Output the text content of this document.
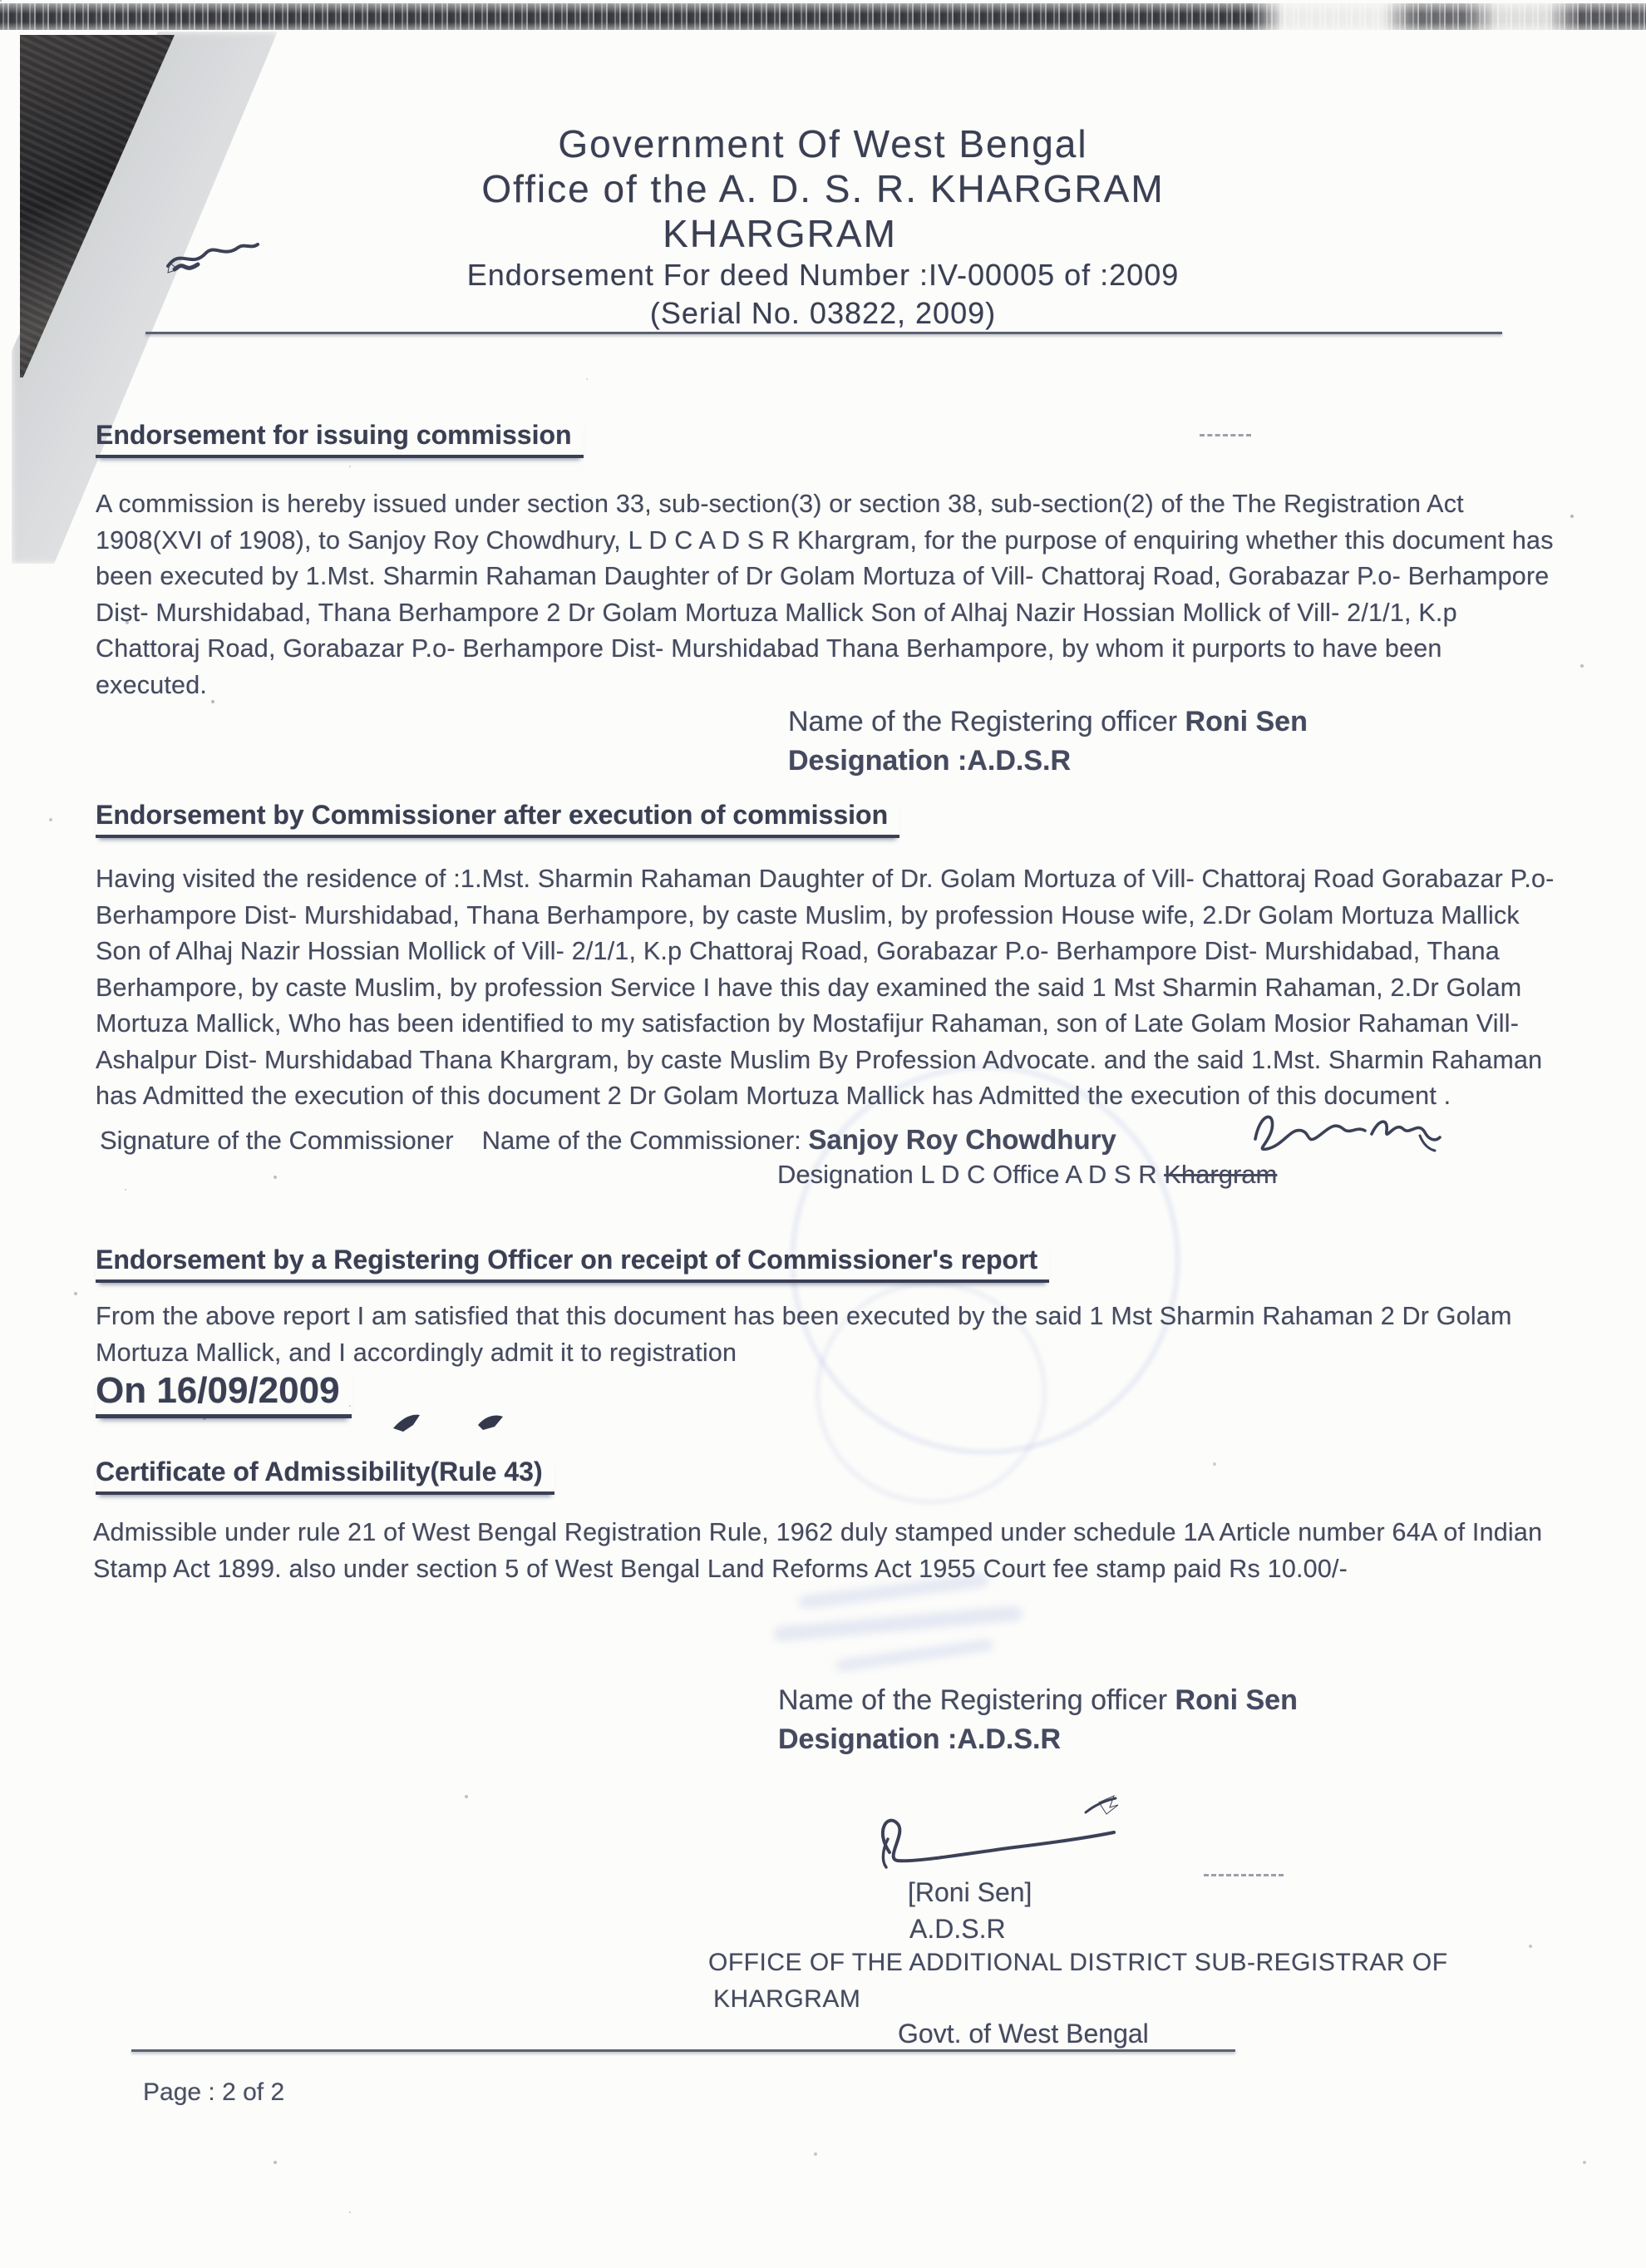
Government Of West Bengal
Office of the A. D. S. R. KHARGRAM
KHARGRAM
Endorsement For deed Number :IV-00005 of :2009
(Serial No. 03822, 2009)
Endorsement for issuing commission

A commission is hereby issued under section 33, sub-section(3) or section 38, sub-section(2) of the The Registration Act 1908(XVI of 1908), to Sanjoy Roy Chowdhury, L D C A D S R Khargram, for the purpose of enquiring whether this document has been executed by 1.Mst. Sharmin Rahaman Daughter of Dr Golam Mortuza of Vill- Chattoraj Road, Gorabazar P.o- Berhampore Dist- Murshidabad, Thana Berhampore 2 Dr Golam Mortuza Mallick Son of Alhaj Nazir Hossian Mollick of Vill- 2/1/1, K.p Chattoraj Road, Gorabazar P.o- Berhampore Dist- Murshidabad Thana Berhampore, by whom it purports to have been executed.

Name of the Registering officer Roni Sen
Designation :A.D.S.R
Endorsement by Commissioner after execution of commission

Having visited the residence of :1.Mst. Sharmin Rahaman Daughter of Dr. Golam Mortuza of Vill- Chattoraj Road Gorabazar P.o- Berhampore Dist- Murshidabad, Thana Berhampore, by caste Muslim, by profession House wife, 2.Dr Golam Mortuza Mallick Son of Alhaj Nazir Hossian Mollick of Vill- 2/1/1, K.p Chattoraj Road, Gorabazar P.o- Berhampore Dist- Murshidabad, Thana Berhampore, by caste Muslim, by profession Service I have this day examined the said 1 Mst Sharmin Rahaman, 2.Dr Golam Mortuza Mallick, Who has been identified to my satisfaction by Mostafijur Rahaman, son of Late Golam Mosior Rahaman Vill- Ashalpur Dist- Murshidabad Thana Khargram, by caste Muslim By Profession Advocate. and the said 1.Mst. Sharmin Rahaman has Admitted the execution of this document 2 Dr Golam Mortuza Mallick has Admitted the execution of this document .

Signature of the Commissioner Name of the Commissioner: Sanjoy Roy Chowdhury
Designation L D C Office A D S R Khargram
Endorsement by a Registering Officer on receipt of Commissioner's report

From the above report I am satisfied that this document has been executed by the said 1 Mst Sharmin Rahaman 2 Dr Golam Mortuza Mallick, and I accordingly admit it to registration

On 16/09/2009
Certificate of Admissibility(Rule 43)

Admissible under rule 21 of West Bengal Registration Rule, 1962 duly stamped under schedule 1A Article number 64A of Indian Stamp Act 1899. also under section 5 of West Bengal Land Reforms Act 1955 Court fee stamp paid Rs 10.00/-

Name of the Registering officer Roni Sen
Designation :A.D.S.R
[Roni Sen]
A.D.S.R
OFFICE OF THE ADDITIONAL DISTRICT SUB-REGISTRAR OF
KHARGRAM
Govt. of West Bengal
Page : 2 of 2
